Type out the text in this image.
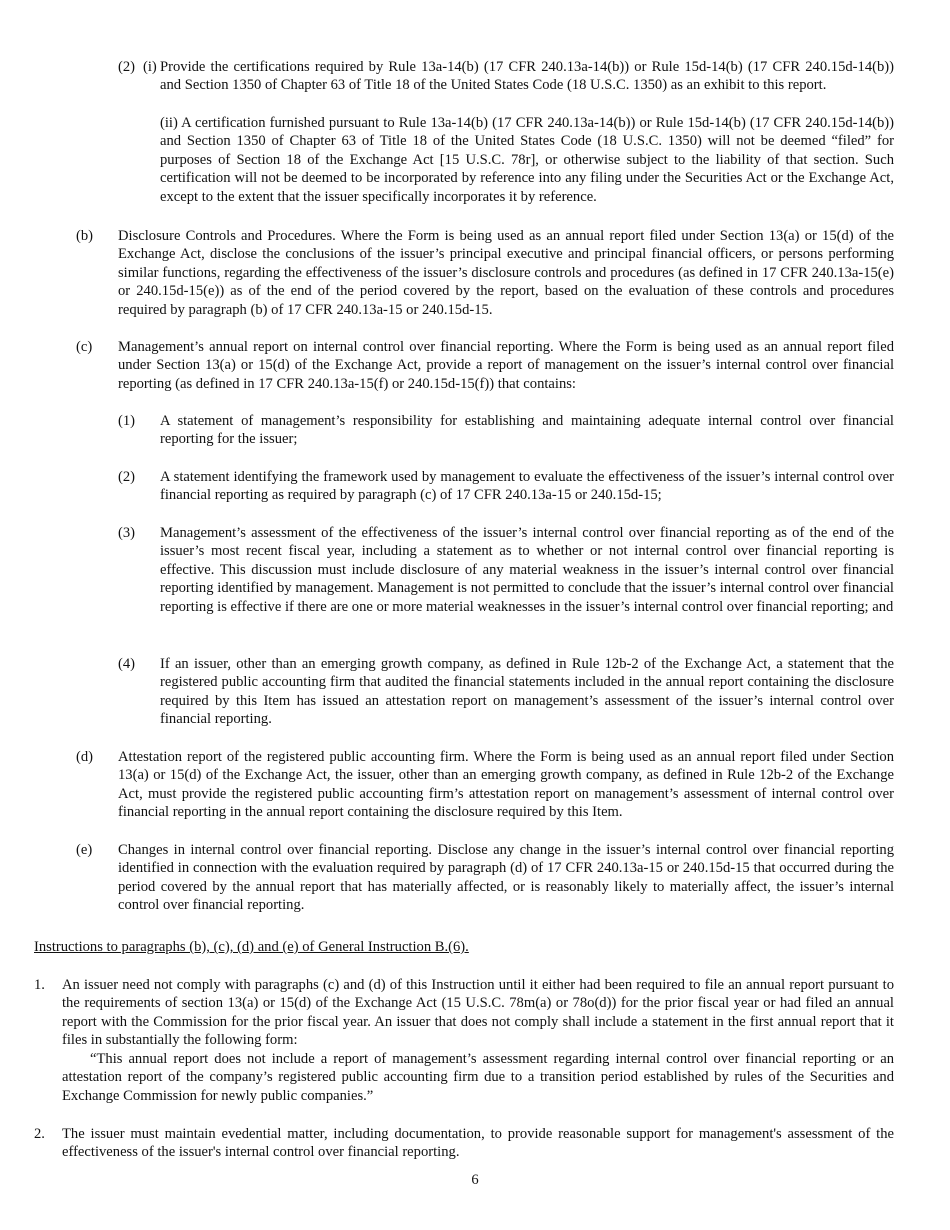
(2) (i) Provide the certifications required by Rule 13a-14(b) (17 CFR 240.13a-14(b)) or Rule 15d-14(b) (17 CFR 240.15d-14(b)) and Section 1350 of Chapter 63 of Title 18 of the United States Code (18 U.S.C. 1350) as an exhibit to this report.

(ii) A certification furnished pursuant to Rule 13a-14(b) (17 CFR 240.13a-14(b)) or Rule 15d-14(b) (17 CFR 240.15d-14(b)) and Section 1350 of Chapter 63 of Title 18 of the United States Code (18 U.S.C. 1350) will not be deemed “filed” for purposes of Section 18 of the Exchange Act [15 U.S.C. 78r], or otherwise subject to the liability of that section. Such certification will not be deemed to be incorporated by reference into any filing under the Securities Act or the Exchange Act, except to the extent that the issuer specifically incorporates it by reference.

(b) Disclosure Controls and Procedures. Where the Form is being used as an annual report filed under Section 13(a) or 15(d) of the Exchange Act, disclose the conclusions of the issuer’s principal executive and principal financial officers, or persons performing similar functions, regarding the effectiveness of the issuer’s disclosure controls and procedures (as defined in 17 CFR 240.13a-15(e) or 240.15d-15(e)) as of the end of the period covered by the report, based on the evaluation of these controls and procedures required by paragraph (b) of 17 CFR 240.13a-15 or 240.15d-15.

(c) Management’s annual report on internal control over financial reporting. Where the Form is being used as an annual report filed under Section 13(a) or 15(d) of the Exchange Act, provide a report of management on the issuer’s internal control over financial reporting (as defined in 17 CFR 240.13a-15(f) or 240.15d-15(f)) that contains:

(1) A statement of management’s responsibility for establishing and maintaining adequate internal control over financial reporting for the issuer;

(2) A statement identifying the framework used by management to evaluate the effectiveness of the issuer’s internal control over financial reporting as required by paragraph (c) of 17 CFR 240.13a-15 or 240.15d-15;

(3) Management’s assessment of the effectiveness of the issuer’s internal control over financial reporting as of the end of the issuer’s most recent fiscal year, including a statement as to whether or not internal control over financial reporting is effective. This discussion must include disclosure of any material weakness in the issuer’s internal control over financial reporting identified by management. Management is not permitted to conclude that the issuer’s internal control over financial reporting is effective if there are one or more material weaknesses in the issuer’s internal control over financial reporting; and

(4) If an issuer, other than an emerging growth company, as defined in Rule 12b-2 of the Exchange Act, a statement that the registered public accounting firm that audited the financial statements included in the annual report containing the disclosure required by this Item has issued an attestation report on management’s assessment of the issuer’s internal control over financial reporting.

(d) Attestation report of the registered public accounting firm. Where the Form is being used as an annual report filed under Section 13(a) or 15(d) of the Exchange Act, the issuer, other than an emerging growth company, as defined in Rule 12b-2 of the Exchange Act, must provide the registered public accounting firm’s attestation report on management’s assessment of internal control over financial reporting in the annual report containing the disclosure required by this Item.

(e) Changes in internal control over financial reporting. Disclose any change in the issuer’s internal control over financial reporting identified in connection with the evaluation required by paragraph (d) of 17 CFR 240.13a-15 or 240.15d-15 that occurred during the period covered by the annual report that has materially affected, or is reasonably likely to materially affect, the issuer’s internal control over financial reporting.

Instructions to paragraphs (b), (c), (d) and (e) of General Instruction B.(6).

1. An issuer need not comply with paragraphs (c) and (d) of this Instruction until it either had been required to file an annual report pursuant to the requirements of section 13(a) or 15(d) of the Exchange Act (15 U.S.C. 78m(a) or 78o(d)) for the prior fiscal year or had filed an annual report with the Commission for the prior fiscal year. An issuer that does not comply shall include a statement in the first annual report that it files in substantially the following form:

“This annual report does not include a report of management’s assessment regarding internal control over financial reporting or an attestation report of the company’s registered public accounting firm due to a transition period established by rules of the Securities and Exchange Commission for newly public companies.”

2. The issuer must maintain evedential matter, including documentation, to provide reasonable support for management's assessment of the effectiveness of the issuer's internal control over financial reporting.

6
